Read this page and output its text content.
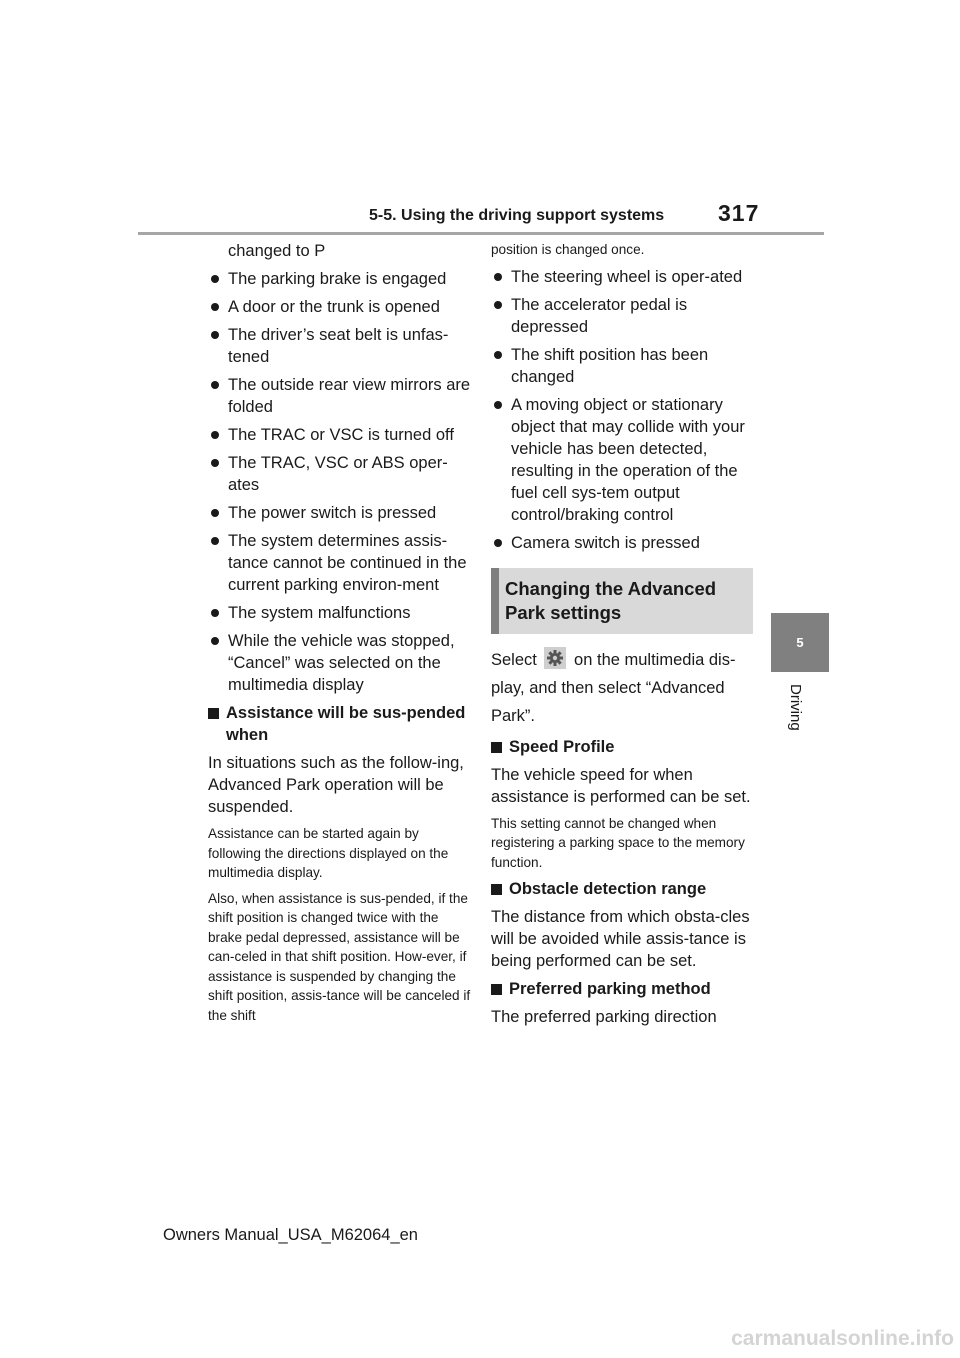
5-5. Using the driving support systems 317
5
Driving
changed to P
The parking brake is engaged
A door or the trunk is opened
The driver’s seat belt is unfas-tened
The outside rear view mirrors are folded
The TRAC or VSC is turned off
The TRAC, VSC or ABS oper-ates
The power switch is pressed
The system determines assis-tance cannot be continued in the current parking environ-ment
The system malfunctions
While the vehicle was stopped, “Cancel” was selected on the multimedia display
Assistance will be sus-pended when
In situations such as the follow-ing, Advanced Park operation will be suspended.
Assistance can be started again by following the directions displayed on the multimedia display.
Also, when assistance is sus-pended, if the shift position is changed twice with the brake pedal depressed, assistance will be can-celed in that shift position. How-ever, if assistance is suspended by changing the shift position, assis-tance will be canceled if the shift
position is changed once.
The steering wheel is oper-ated
The accelerator pedal is depressed
The shift position has been changed
A moving object or stationary object that may collide with your vehicle has been detected, resulting in the operation of the fuel cell sys-tem output control/braking control
Camera switch is pressed
Changing the Advanced Park settings
Select on the multimedia dis-play, and then select “Advanced Park”.
Speed Profile
The vehicle speed for when assistance is performed can be set.
This setting cannot be changed when registering a parking space to the memory function.
Obstacle detection range
The distance from which obsta-cles will be avoided while assis-tance is being performed can be set.
Preferred parking method
The preferred parking direction
Owners Manual_USA_M62064_en
carmanualsonline.info
